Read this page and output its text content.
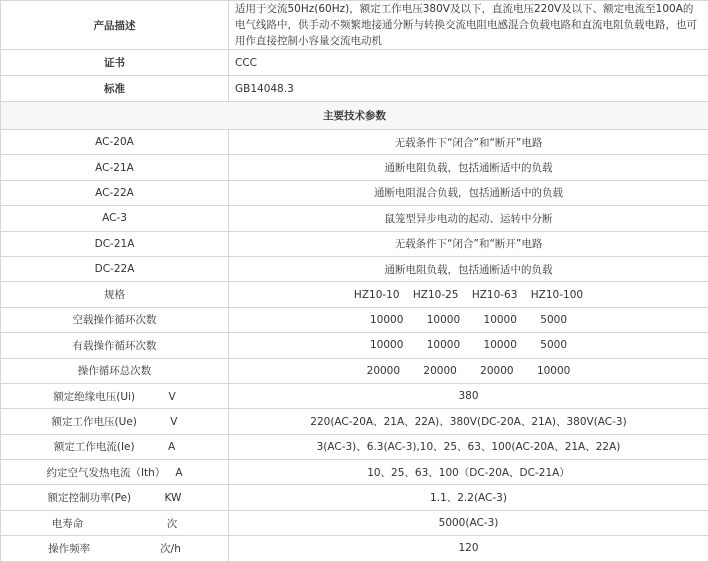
产品描述	适用于交流50Hz(60Hz)，额定工作电压380V及以下，直流电压220V及以下、额定电流至100A的电气线路中，供手动不频繁地接通分断与转换交流电阻电感混合负载电路和直流电阻负载电路，也可用作直接控制小容量交流电动机
证书	CCC
标准	GB14048.3
主要技术参数	
AC-20A	无载条件下“闭合”和“断开”电路
AC-21A	通断电阻负载，包括通断适中的负载
AC-22A	通断电阻混合负载，包括通断适中的负载
AC-3	鼠笼型异步电动的起动、运转中分断
DC-21A	无载条件下“闭合”和“断开”电路
DC-22A	通断电阻负载，包括通断适中的负载
规格	HZ10-10    HZ10-25    HZ10-63    HZ10-100
空载操作循环次数	10000       10000       10000       5000
有载操作循环次数	10000       10000       10000       5000
操作循环总次数	20000       20000       20000       10000
额定绝缘电压(Ui)          V	380
额定工作电压(Ue)          V	220(AC-20A、21A、22A)、380V(DC-20A、21A)、380V(AC-3)
额定工作电流(Ie)          A	3(AC-3)、6.3(AC-3),10、25、63、100(AC-20A、21A、22A)
约定空气发热电流（Ith）   A	10、25、63、100（DC-20A、DC-21A）
额定控制功率(Pe)          KW	1.1、2.2(AC-3)
电寿命                         次	5000(AC-3)
操作频率                     次/h	120
